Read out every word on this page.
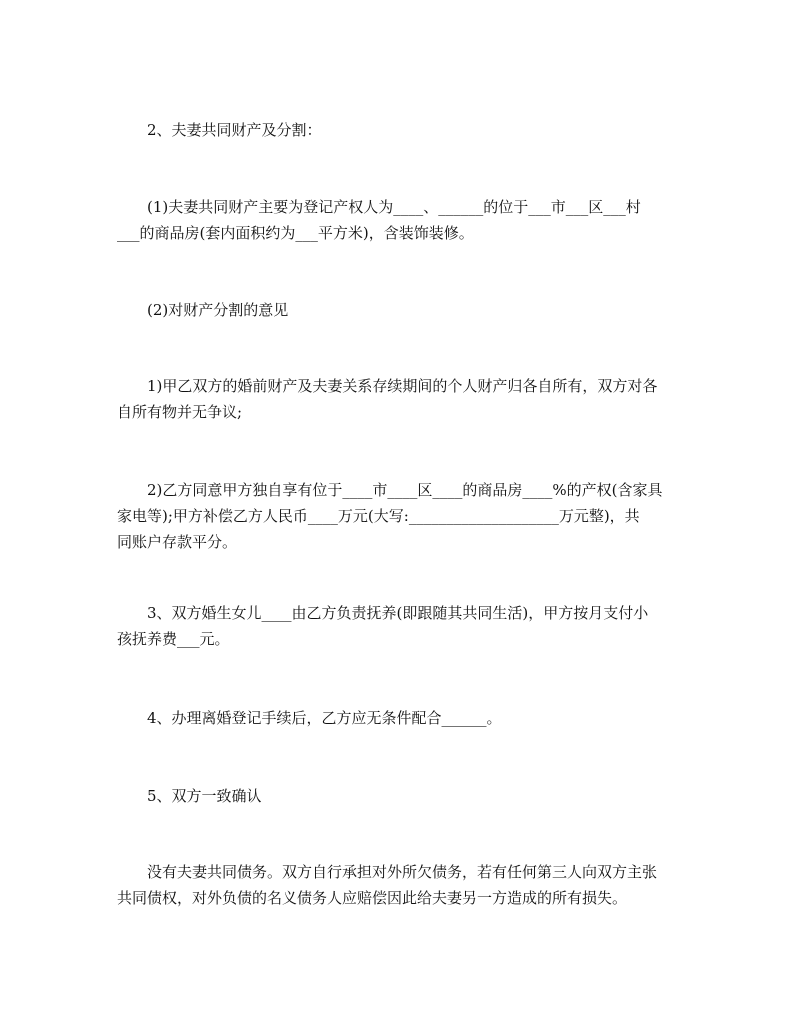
2、夫妻共同财产及分割：
(1)夫妻共同财产主要为登记产权人为____、______的位于___市___区___村
___的商品房(套内面积约为___平方米)，含装饰装修。
(2)对财产分割的意见
1)甲乙双方的婚前财产及夫妻关系存续期间的个人财产归各自所有，双方对各
自所有物并无争议;
2)乙方同意甲方独自享有位于____市____区____的商品房____%的产权(含家具
家电等);甲方补偿乙方人民币____万元(大写:____________________万元整)，共
同账户存款平分。
3、双方婚生女儿____由乙方负责抚养(即跟随其共同生活)，甲方按月支付小
孩抚养费___元。
4、办理离婚登记手续后，乙方应无条件配合______。
5、双方一致确认
没有夫妻共同债务。双方自行承担对外所欠债务，若有任何第三人向双方主张
共同债权，对外负债的名义债务人应赔偿因此给夫妻另一方造成的所有损失。
